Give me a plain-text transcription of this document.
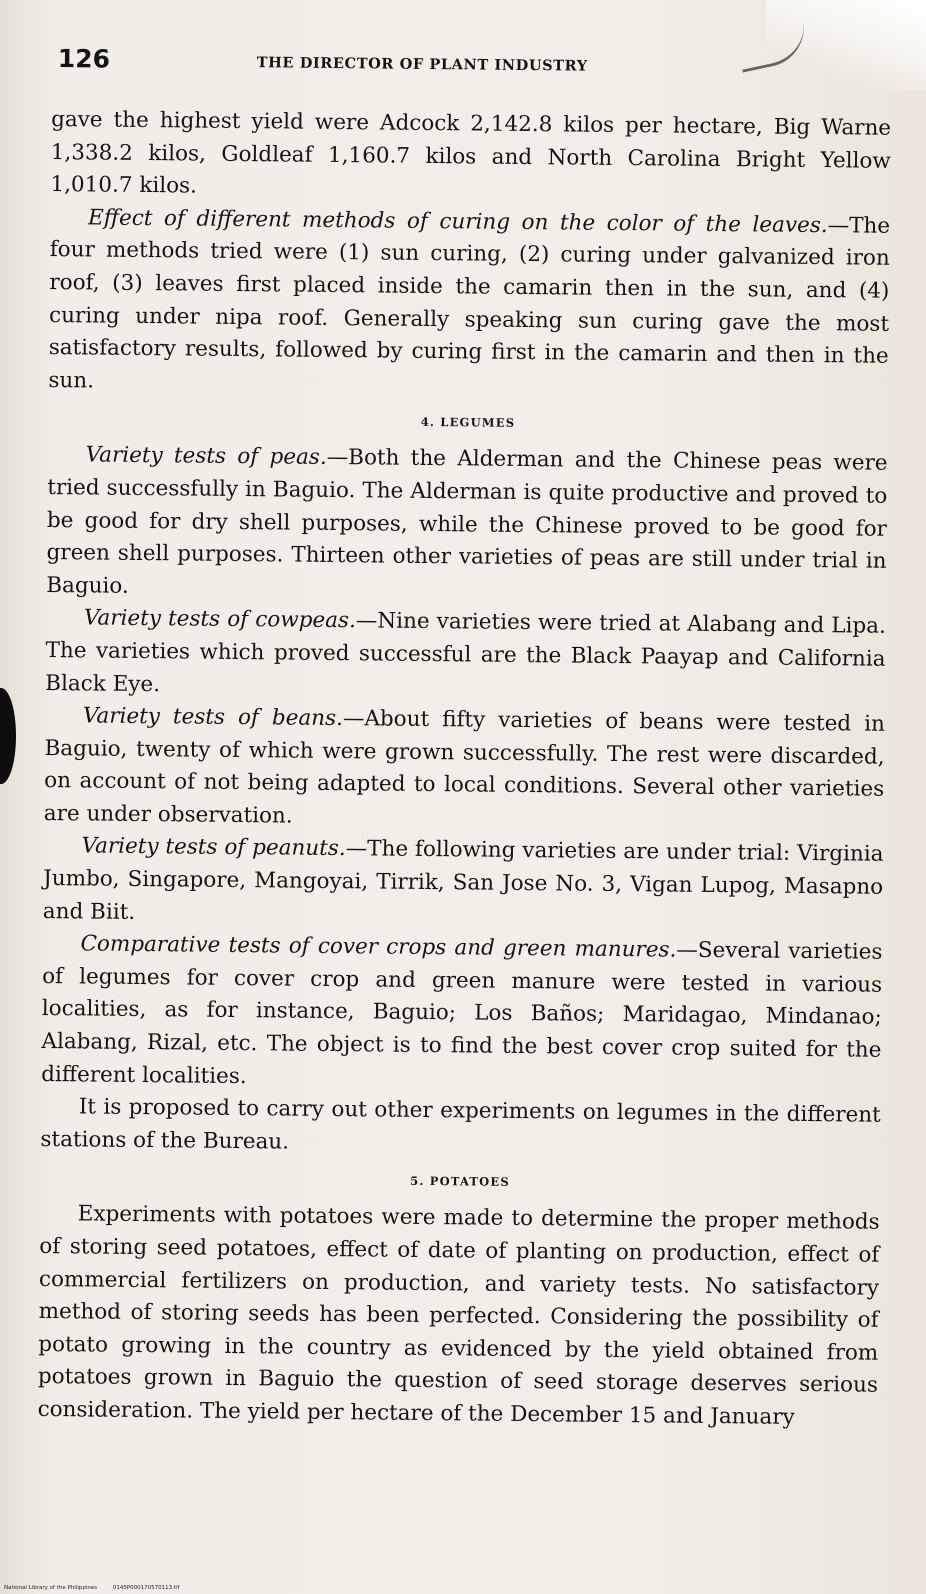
126	THE DIRECTOR OF PLANT INDUSTRY

gave the highest yield were Adcock 2,142.8 kilos per hectare, Big Warne 1,338.2 kilos, Goldleaf 1,160.7 kilos and North Carolina Bright Yellow 1,010.7 kilos.

Effect of different methods of curing on the color of the leaves.—The four methods tried were (1) sun curing, (2) curing under galvanized iron roof, (3) leaves first placed inside the camarin then in the sun, and (4) curing under nipa roof. Generally speaking sun curing gave the most satisfactory results, followed by curing first in the camarin and then in the sun.

4. LEGUMES

Variety tests of peas.—Both the Alderman and the Chinese peas were tried successfully in Baguio. The Alderman is quite productive and proved to be good for dry shell purposes, while the Chinese proved to be good for green shell purposes. Thirteen other varieties of peas are still under trial in Baguio.

Variety tests of cowpeas.—Nine varieties were tried at Alabang and Lipa. The varieties which proved successful are the Black Paayap and California Black Eye.

Variety tests of beans.—About fifty varieties of beans were tested in Baguio, twenty of which were grown successfully. The rest were discarded, on account of not being adapted to local conditions. Several other varieties are under observation.

Variety tests of peanuts.—The following varieties are under trial: Virginia Jumbo, Singapore, Mangoyai, Tirrik, San Jose No. 3, Vigan Lupog, Masapno and Biit.

Comparative tests of cover crops and green manures.—Several varieties of legumes for cover crop and green manure were tested in various localities, as for instance, Baguio; Los Baños; Maridagao, Mindanao; Alabang, Rizal, etc. The object is to find the best cover crop suited for the different localities.

It is proposed to carry out other experiments on legumes in the different stations of the Bureau.

5. POTATOES

Experiments with potatoes were made to determine the proper methods of storing seed potatoes, effect of date of planting on production, effect of commercial fertilizers on production, and variety tests. No satisfactory method of storing seeds has been perfected. Considering the possibility of potato growing in the country as evidenced by the yield obtained from potatoes grown in Baguio the question of seed storage deserves serious consideration. The yield per hectare of the December 15 and January

National Library of the Philippines	0145P000170570113.tif
